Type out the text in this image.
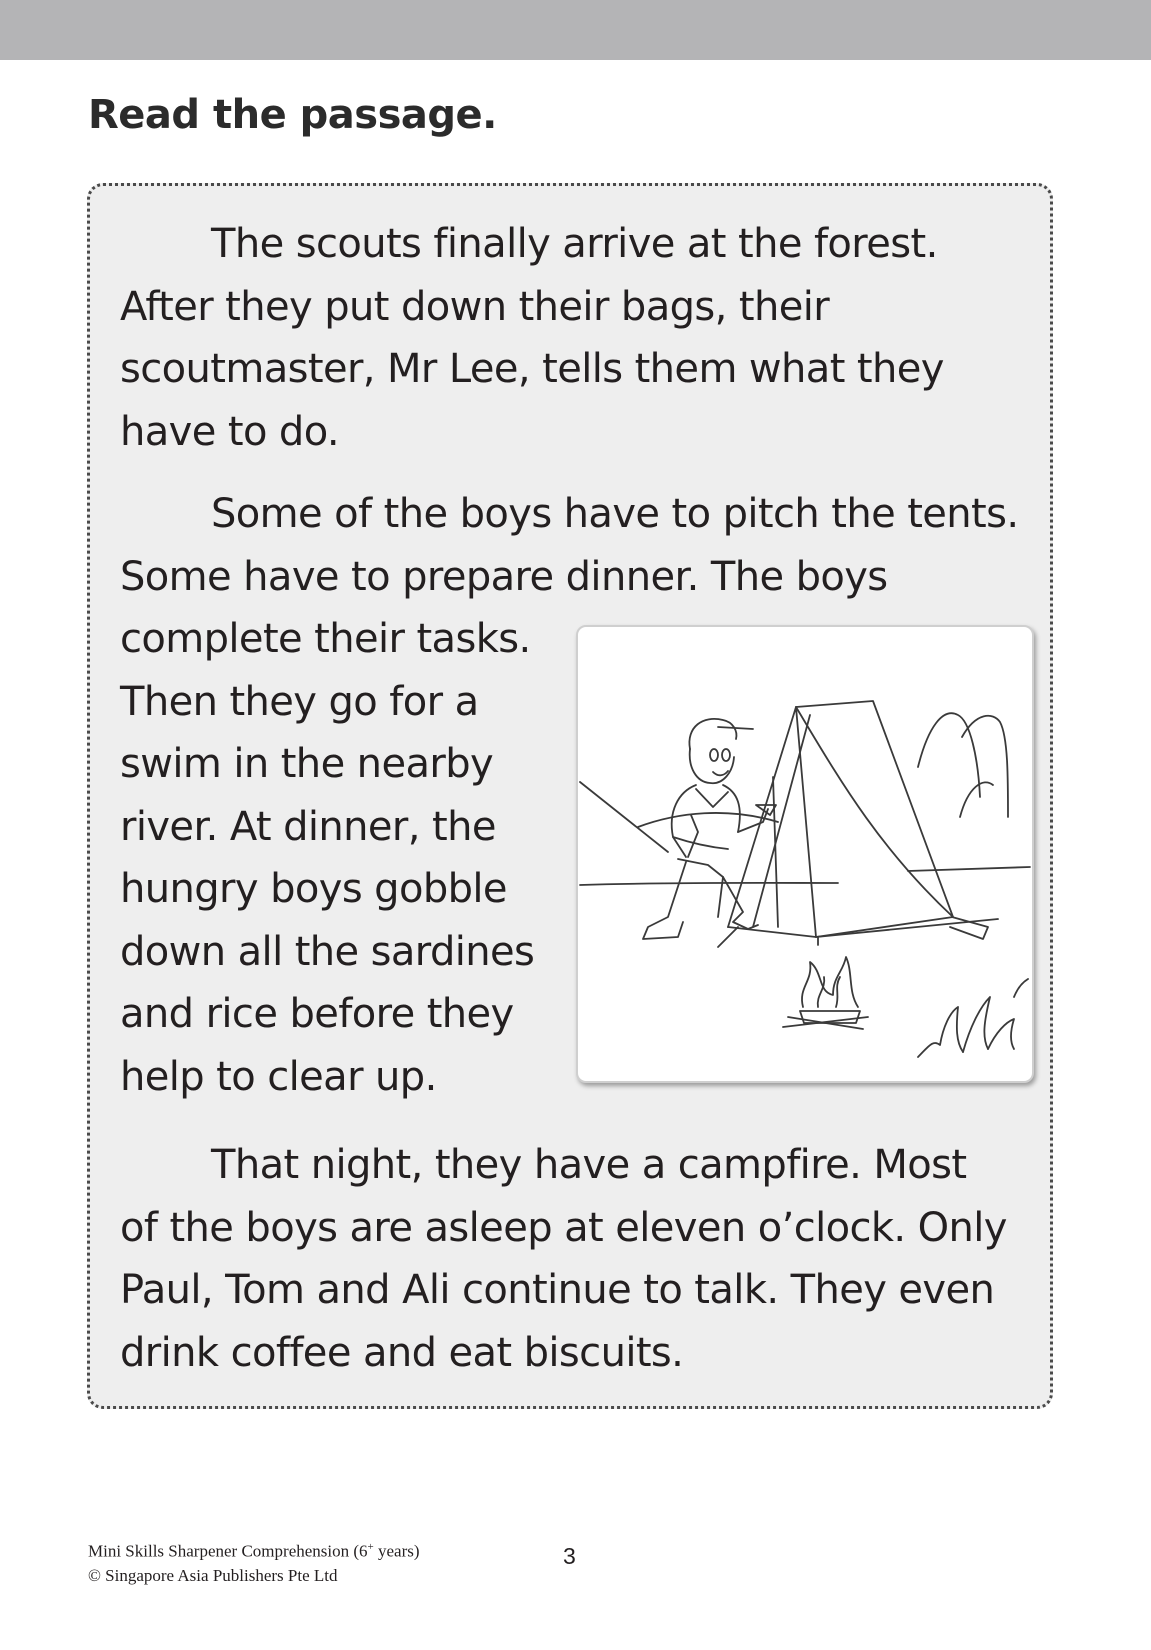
Read the passage.

The scouts finally arrive at the forest.
After they put down their bags, their
scoutmaster, Mr Lee, tells them what they
have to do.

Some of the boys have to pitch the tents.
Some have to prepare dinner. The boys
complete their tasks.
Then they go for a
swim in the nearby
river. At dinner, the
hungry boys gobble
down all the sardines
and rice before they
help to clear up.

That night, they have a campfire. Most
of the boys are asleep at eleven o’clock. Only
Paul, Tom and Ali continue to talk. They even
drink coffee and eat biscuits.

Mini Skills Sharpener Comprehension (6+ years)
© Singapore Asia Publishers Pte Ltd
3
